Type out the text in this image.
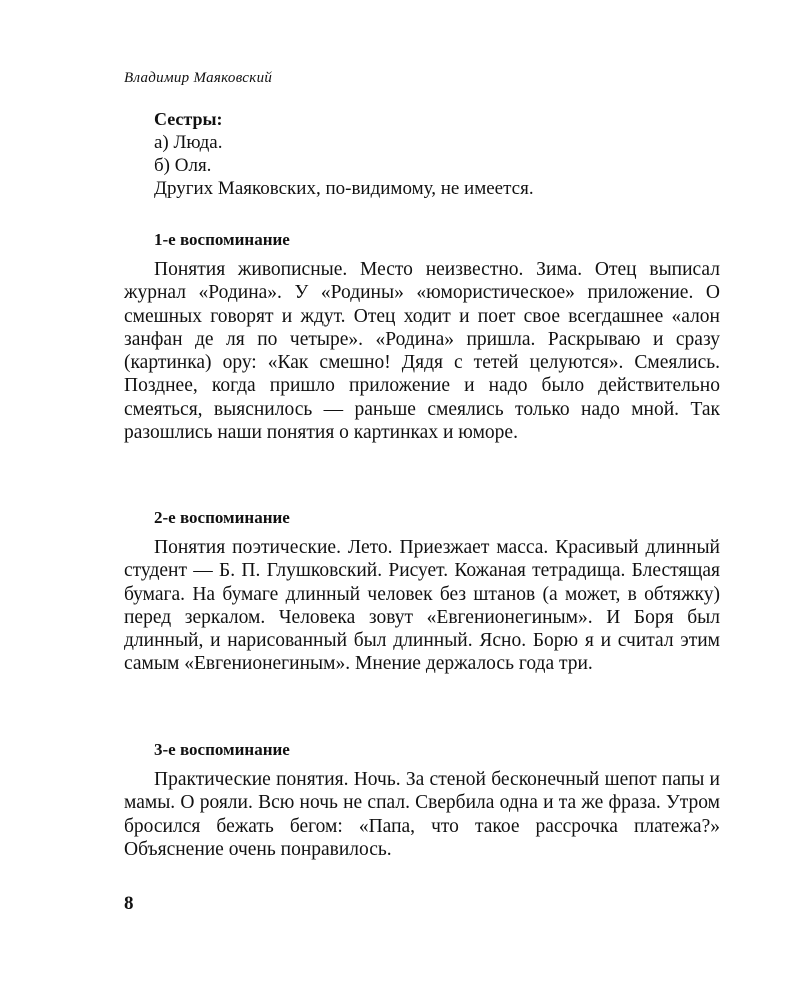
Владимир Маяковский
Сестры:
а) Люда.
б) Оля.
Других Маяковских, по-видимому, не имеется.
1-е воспоминание
Понятия живописные. Место неизвестно. Зима. Отец выписал журнал «Родина». У «Родины» «юмористическое» приложение. О смешных говорят и ждут. Отец ходит и поет свое всегдашнее «алон занфан де ля по четыре». «Родина» пришла. Раскрываю и сразу (картинка) ору: «Как смешно! Дядя с тетей целуются». Смеялись. Позднее, когда пришло приложение и надо было действительно смеяться, выяснилось — раньше смеялись только надо мной. Так разошлись наши понятия о картинках и юморе.
2-е воспоминание
Понятия поэтические. Лето. Приезжает масса. Красивый длинный студент — Б. П. Глушковский. Рисует. Кожаная тетрадища. Блестящая бумага. На бумаге длинный человек без штанов (а может, в обтяжку) перед зеркалом. Человека зовут «Евгенионегиным». И Боря был длинный, и нарисованный был длинный. Ясно. Борю я и считал этим самым «Евгенионегиным». Мнение держалось года три.
3-е воспоминание
Практические понятия. Ночь. За стеной бесконечный шепот папы и мамы. О рояли. Всю ночь не спал. Свербила одна и та же фраза. Утром бросился бежать бегом: «Папа, что такое рассрочка платежа?» Объяснение очень понравилось.
8
